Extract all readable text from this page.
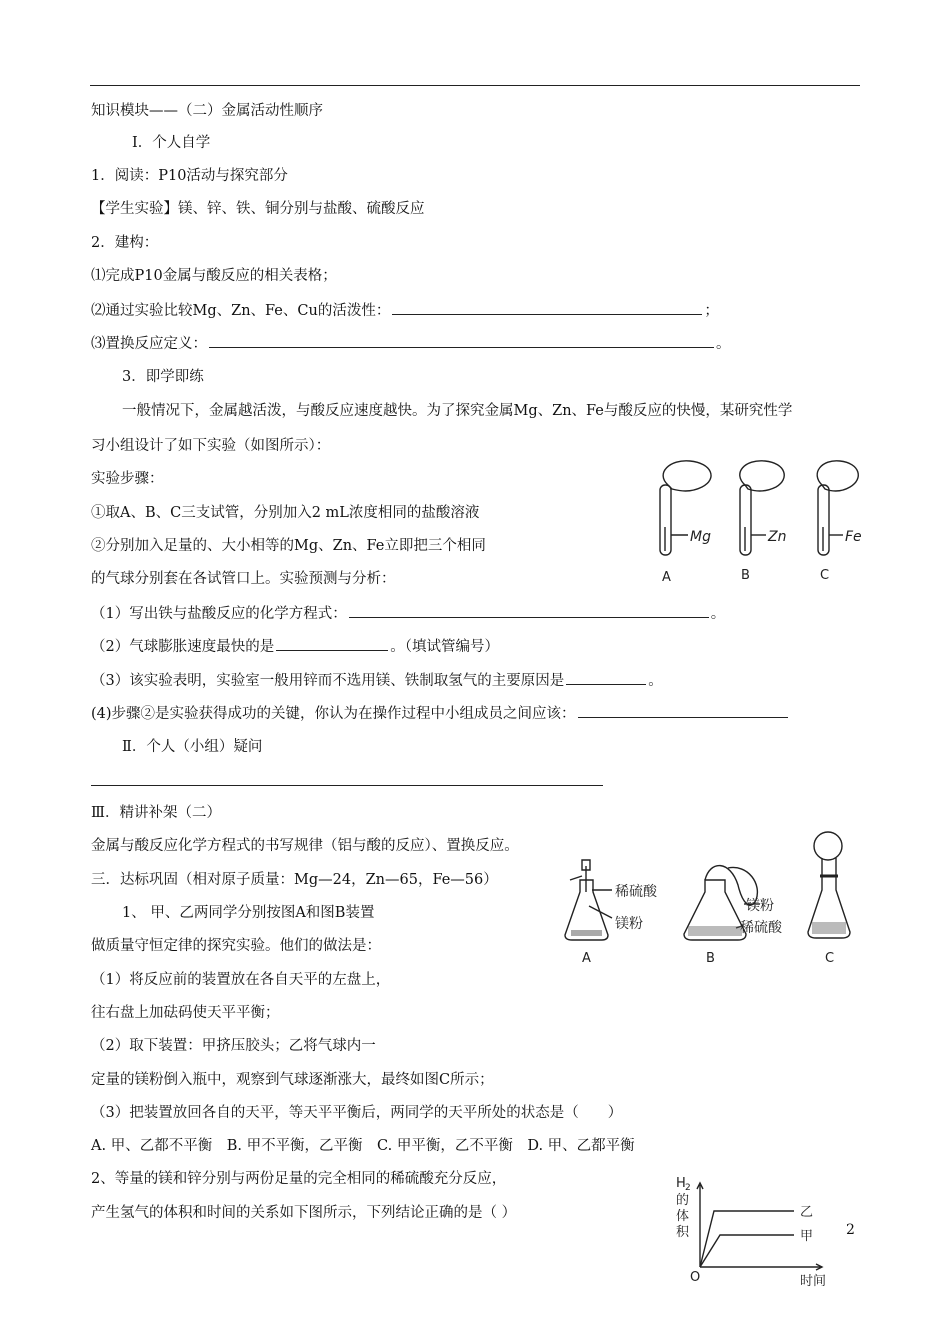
知识模块——（二）金属活动性顺序
Ⅰ．个人自学
1．阅读：P10活动与探究部分
【学生实验】镁、锌、铁、铜分别与盐酸、硫酸反应
2．建构：
⑴完成P10金属与酸反应的相关表格；
⑵通过实验比较Mg、Zn、Fe、Cu的活泼性：	；
⑶置换反应定义：	。
3．即学即练
一般情况下，金属越活泼，与酸反应速度越快。为了探究金属Mg、Zn、Fe与酸反应的快慢，某研究性学
习小组设计了如下实验（如图所示）：
实验步骤：
①取A、B、C三支试管，分别加入2 mL浓度相同的盐酸溶液
②分别加入足量的、大小相等的Mg、Zn、Fe立即把三个相同
的气球分别套在各试管口上。实验预测与分析：
（1）写出铁与盐酸反应的化学方程式：	。
（2）气球膨胀速度最快的是	。（填试管编号）
（3）该实验表明，实验室一般用锌而不选用镁、铁制取氢气的主要原因是	。
(4)步骤②是实验获得成功的关键，你认为在操作过程中小组成员之间应该：
Ⅱ．个人（小组）疑问
Ⅲ．精讲补架（二）
金属与酸反应化学方程式的书写规律（铝与酸的反应）、置换反应。
三．达标巩固（相对原子质量：Mg—24，Zn—65，Fe—56）
1、 甲、乙两同学分别按图A和图B装置
做质量守恒定律的探究实验。他们的做法是：
（1）将反应前的装置放在各自天平的左盘上，
往右盘上加砝码使天平平衡；
（2）取下装置：甲挤压胶头；乙将气球内一
定量的镁粉倒入瓶中，观察到气球逐渐涨大，最终如图C所示；
（3）把装置放回各自的天平，等天平平衡后，两同学的天平所处的状态是（　　）
A. 甲、乙都不平衡　B. 甲不平衡，乙平衡　C. 甲平衡，乙不平衡　D. 甲、乙都平衡
2、等量的镁和锌分别与两份足量的完全相同的稀硫酸充分反应，
产生氢气的体积和时间的关系如下图所示，下列结论正确的是（ ）
2
Mg	Zn	Fe
A	B	C
稀硫酸
镁粉
镁粉
稀硫酸
A	B	C
H 2
的
体
积
O	时间
乙
甲
